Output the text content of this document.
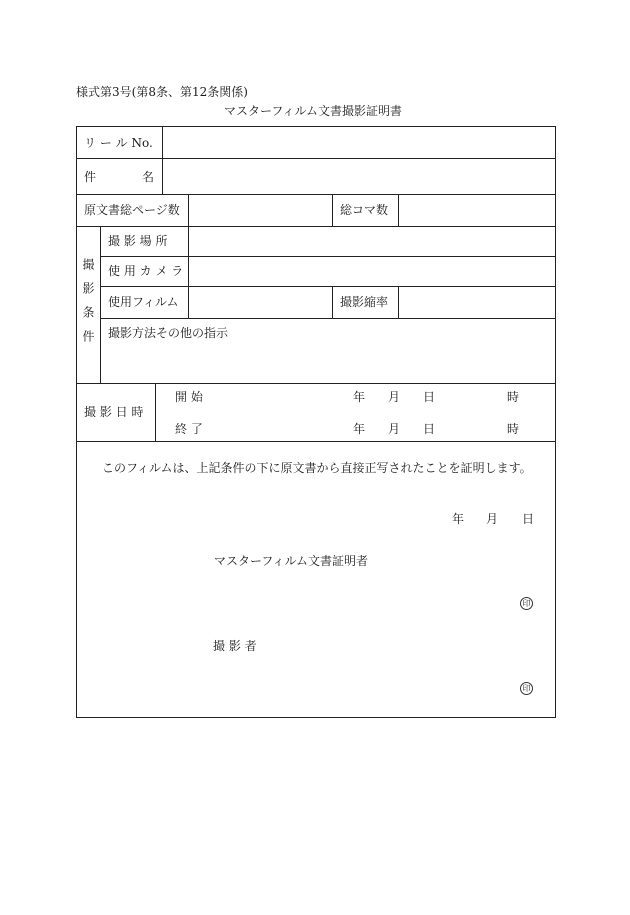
様式第3号(第8条、第12条関係)
マスターフィルム文書撮影証明書
リ ー ル No.
件	名
原文書総ページ数	総コマ数
撮影条件
撮 影 場 所
使 用 カ メ ラ
使用フィルム	撮影縮率
撮影方法その他の指示
撮 影 日 時
開 始	年 月 日	時
終 了	年 月 日	時
このフィルムは、上記条件の下に原文書から直接正写されたことを証明します。
年 月 日
マスターフィルム文書証明者
印
撮 影 者
印
